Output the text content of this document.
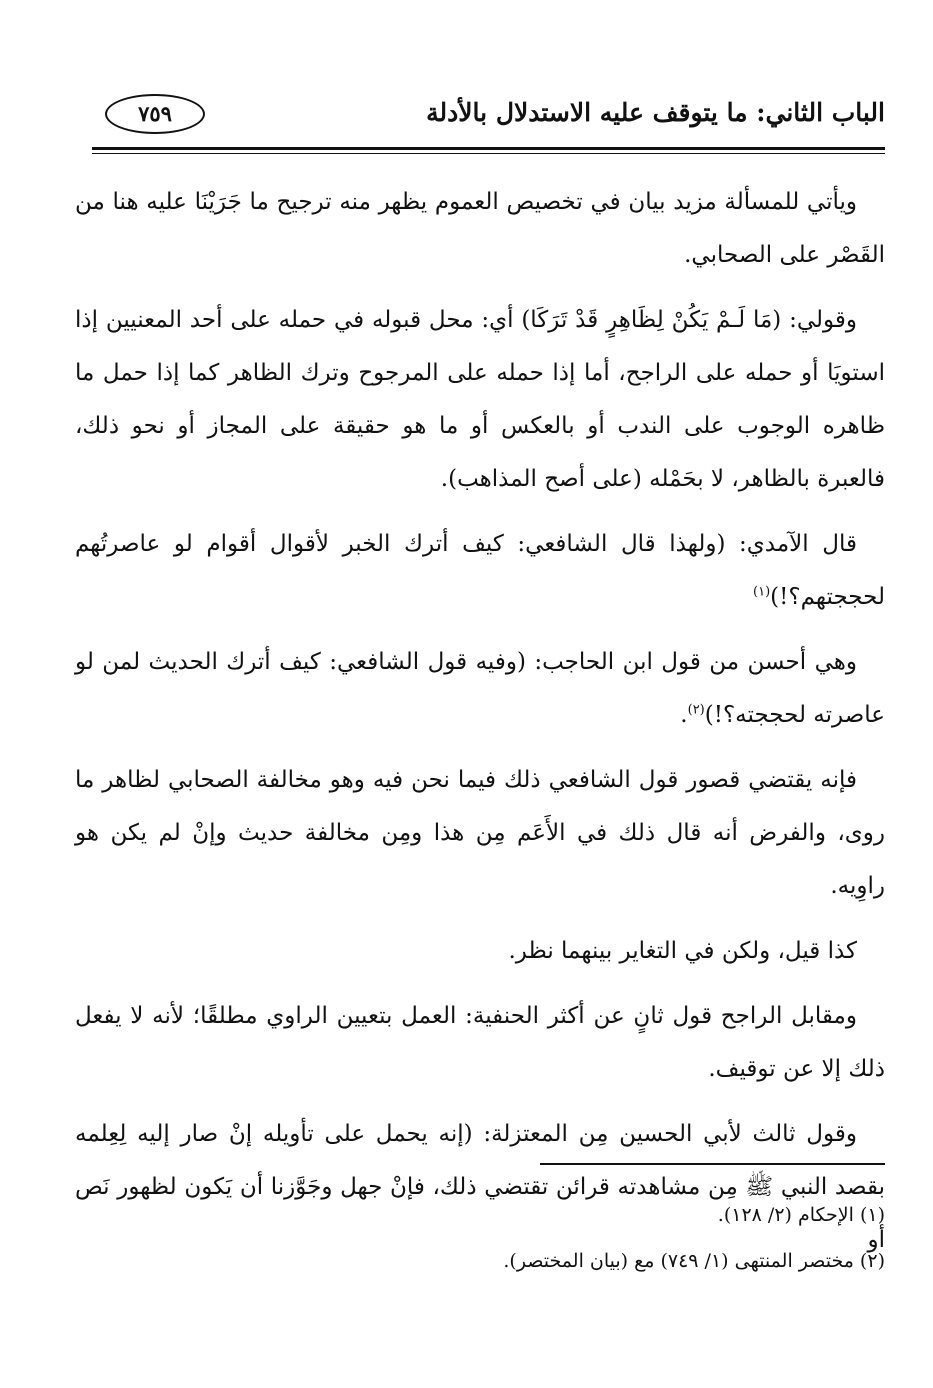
الباب الثاني: ما يتوقف عليه الاستدلال بالأدلة
٧٥٩

ويأتي للمسألة مزيد بيان في تخصيص العموم يظهر منه ترجيح ما جَرَيْنَا عليه هنا من القَصْر على الصحابي.

وقولي: (مَا لَـمْ يَكُنْ لِظَاهِرٍ قَدْ تَرَكَا) أي: محل قبوله في حمله على أحد المعنيين إذا استويَا أو حمله على الراجح، أما إذا حمله على المرجوح وترك الظاهر كما إذا حمل ما ظاهره الوجوب على الندب أو بالعكس أو ما هو حقيقة على المجاز أو نحو ذلك، فالعبرة بالظاهر، لا بحَمْله (على أصح المذاهب).

قال الآمدي: (ولهذا قال الشافعي: كيف أترك الخبر لأقوال أقوام لو عاصرتُهم لحججتهم؟!)$^{(١)}$

وهي أحسن من قول ابن الحاجب: (وفيه قول الشافعي: كيف أترك الحديث لمن لو عاصرته لحججته؟!)$^{(٢)}$.

فإنه يقتضي قصور قول الشافعي ذلك فيما نحن فيه وهو مخالفة الصحابي لظاهر ما روى، والفرض أنه قال ذلك في الأَعَم مِن هذا ومِن مخالفة حديث وإنْ لم يكن هو راوِيه.

كذا قيل، ولكن في التغاير بينهما نظر.

ومقابل الراجح قول ثانٍ عن أكثر الحنفية: العمل بتعيين الراوي مطلقًا؛ لأنه لا يفعل ذلك إلا عن توقيف.

وقول ثالث لأبي الحسين مِن المعتزلة: (إنه يحمل على تأويله إنْ صار إليه لِعِلمه بقصد النبي ﷺ مِن مشاهدته قرائن تقتضي ذلك، فإنْ جهل وجَوَّزنا أن يَكون لظهور نَص أو

(١) الإحكام (٢/ ١٢٨).

(٢) مختصر المنتهى (١/ ٧٤٩) مع (بيان المختصر).
